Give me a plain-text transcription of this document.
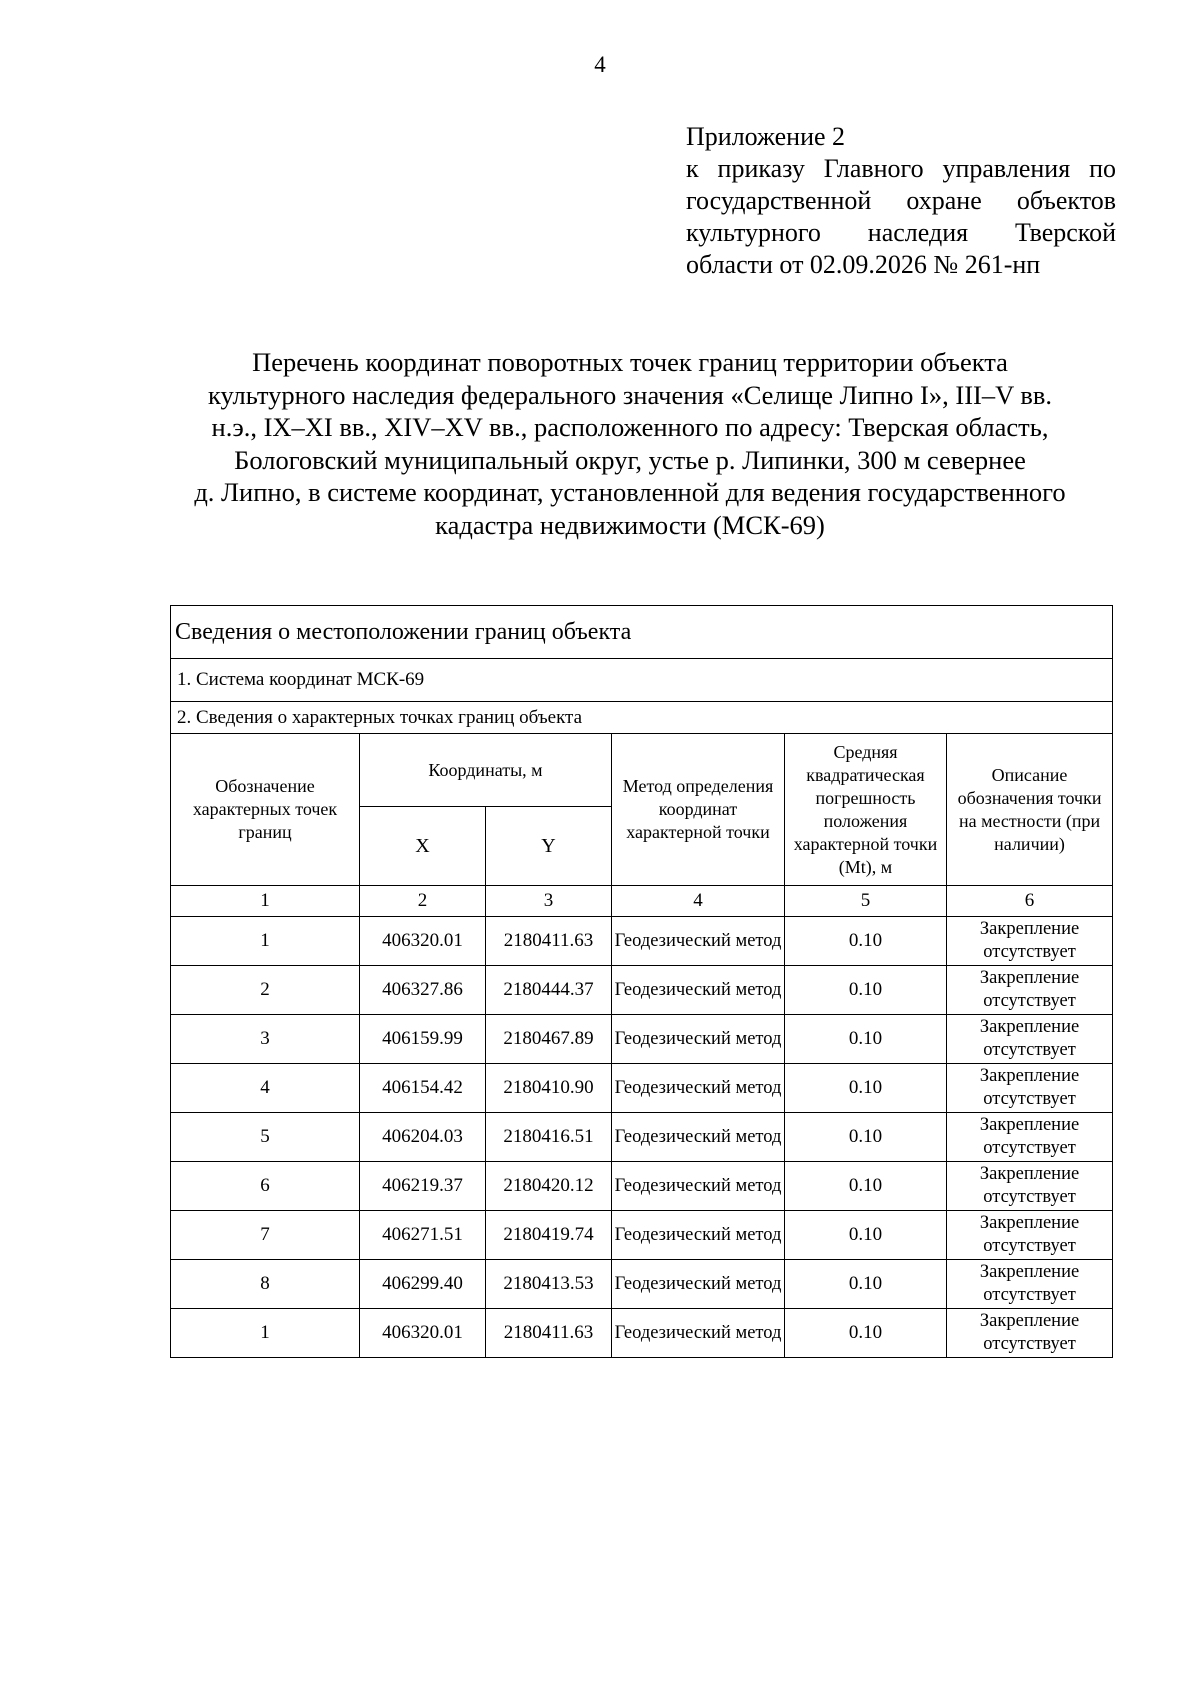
4
Приложение 2
к приказу Главного управления по
государственной охране объектов
культурного наследия Тверской
области от 02.09.2026 № 261-нп
Перечень координат поворотных точек границ территории объекта
культурного наследия федерального значения «Селище Липно I», III–V вв.
н.э., IX–XI вв., XIV–XV вв., расположенного по адресу: Тверская область,
Бологовский муниципальный округ, устье р. Липинки, 300 м севернее
д. Липно, в системе координат, установленной для ведения государственного
кадастра недвижимости (МСК-69)
Сведения о местоположении границ объекта					
1. Система координат МСК-69					
2. Сведения о характерных точках границ объекта					
Обозначение характерных точек границ	Координаты, м		Метод определения координат характерной точки	Средняя квадратическая погрешность положения характерной точки (Mt), м	Описание обозначения точки на местности (при наличии)
	X	Y			
1	2	3	4	5	6
1	406320.01	2180411.63	Геодезический метод	0.10	Закрепление отсутствует
2	406327.86	2180444.37	Геодезический метод	0.10	Закрепление отсутствует
3	406159.99	2180467.89	Геодезический метод	0.10	Закрепление отсутствует
4	406154.42	2180410.90	Геодезический метод	0.10	Закрепление отсутствует
5	406204.03	2180416.51	Геодезический метод	0.10	Закрепление отсутствует
6	406219.37	2180420.12	Геодезический метод	0.10	Закрепление отсутствует
7	406271.51	2180419.74	Геодезический метод	0.10	Закрепление отсутствует
8	406299.40	2180413.53	Геодезический метод	0.10	Закрепление отсутствует
1	406320.01	2180411.63	Геодезический метод	0.10	Закрепление отсутствует
